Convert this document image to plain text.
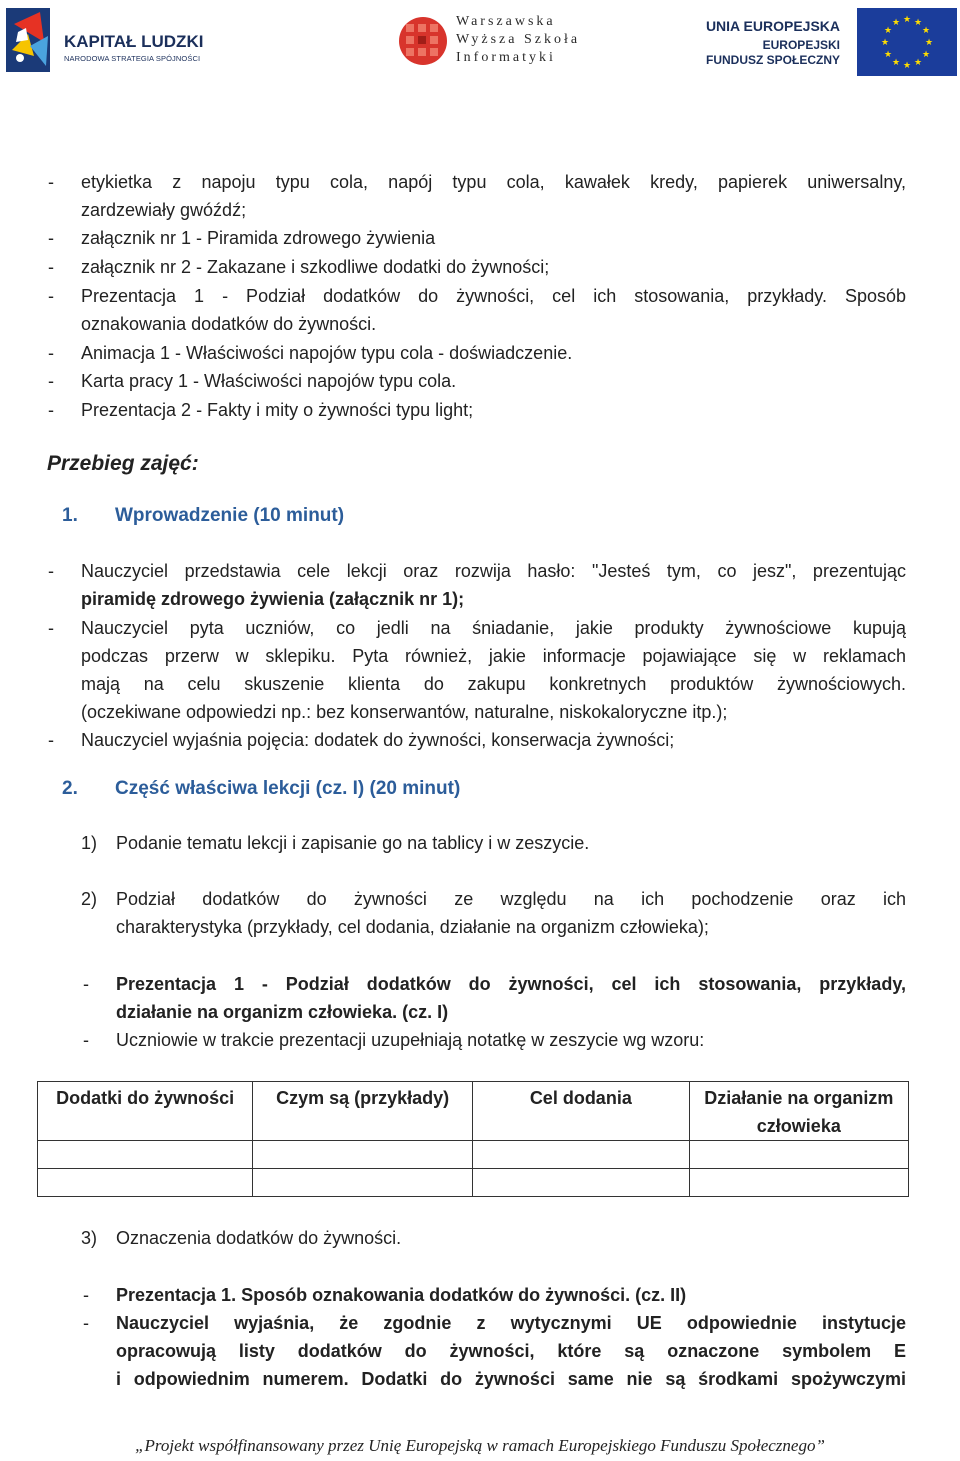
KAPITAŁ LUDZKI
NARODOWA STRATEGIA SPÓJNOŚCI
Warszawska
Wyższa Szkoła
Informatyki
UNIA EUROPEJSKA
EUROPEJSKI
FUNDUSZ SPOŁECZNY
★ ★
★
★
★
★
★
★
★
★
★
★
- etykietka z napoju typu cola, napój typu cola, kawałek kredy, papierek uniwersalny,
zardzewiały gwóźdź;
- załącznik nr 1 - Piramida zdrowego żywienia
- załącznik nr 2 - Zakazane i szkodliwe dodatki do żywności;
- Prezentacja 1 - Podział dodatków do żywności, cel ich stosowania, przykłady. Sposób
oznakowania dodatków do żywności.
- Animacja 1 - Właściwości napojów typu cola - doświadczenie.
- Karta pracy 1 - Właściwości napojów typu cola.
- Prezentacja 2 - Fakty i mity o żywności typu light;
Przebieg zajęć:
1. Wprowadzenie (10 minut)
- Nauczyciel przedstawia cele lekcji oraz rozwija hasło: "Jesteś tym, co jesz", prezentując
piramidę zdrowego żywienia (załącznik nr 1);
- Nauczyciel pyta uczniów, co jedli na śniadanie, jakie produkty żywnościowe kupują
podczas przerw w sklepiku. Pyta również, jakie informacje pojawiające się w reklamach
mają na celu skuszenie klienta do zakupu konkretnych produktów żywnościowych.
(oczekiwane odpowiedzi np.: bez konserwantów, naturalne, niskokaloryczne itp.);
- Nauczyciel wyjaśnia pojęcia: dodatek do żywności, konserwacja żywności;
2. Część właściwa lekcji (cz. I) (20 minut)
1) Podanie tematu lekcji i zapisanie go na tablicy i w zeszycie.
2) Podział dodatków do żywności ze względu na ich pochodzenie oraz ich
charakterystyka (przykłady, cel dodania, działanie na organizm człowieka);
- Prezentacja 1 - Podział dodatków do żywności, cel ich stosowania, przykłady,
działanie na organizm człowieka. (cz. I)
- Uczniowie w trakcie prezentacji uzupełniają notatkę w zeszycie wg wzoru:
Dodatki do żywności	Czym są (przykłady)	Cel dodania	Działanie na organizm człowieka

3) Oznaczenia dodatków do żywności.
- Prezentacja 1. Sposób oznakowania dodatków do żywności. (cz. II)
- Nauczyciel wyjaśnia, że zgodnie z wytycznymi UE odpowiednie instytucje
opracowują listy dodatków do żywności, które są oznaczone symbolem E
i odpowiednim numerem. Dodatki do żywności same nie są środkami spożywczymi
„Projekt współfinansowany przez Unię Europejską w ramach Europejskiego Funduszu Społecznego”
